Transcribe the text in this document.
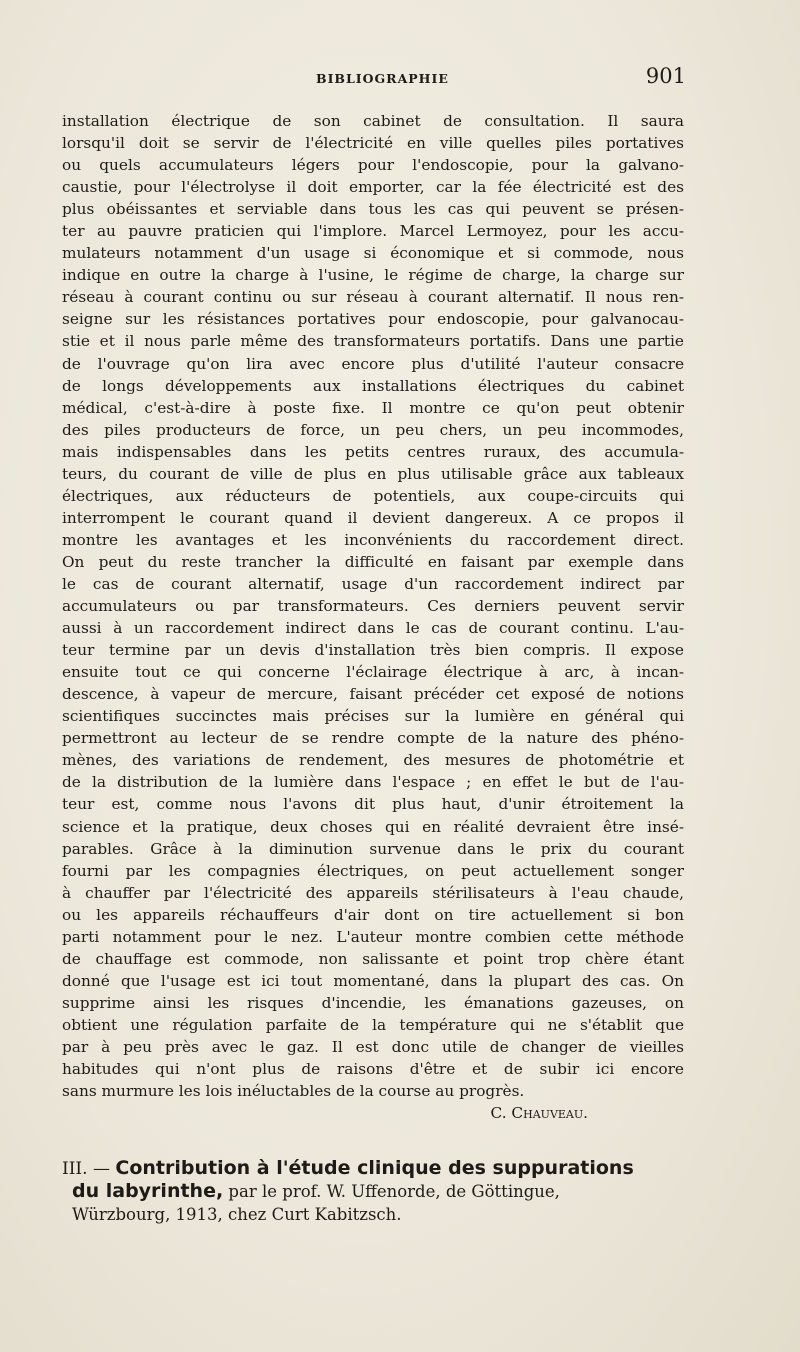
BIBLIOGRAPHIE	901
installation électrique de son cabinet de consultation. Il saura
lorsqu'il doit se servir de l'électricité en ville quelles piles portatives
ou quels accumulateurs légers pour l'endoscopie, pour la galvano-
caustie, pour l'électrolyse il doit emporter, car la fée électricité est des
plus obéissantes et serviable dans tous les cas qui peuvent se présen-
ter au pauvre praticien qui l'implore. Marcel Lermoyez, pour les accu-
mulateurs notamment d'un usage si économique et si commode, nous
indique en outre la charge à l'usine, le régime de charge, la charge sur
réseau à courant continu ou sur réseau à courant alternatif. Il nous ren-
seigne sur les résistances portatives pour endoscopie, pour galvanocau-
stie et il nous parle même des transformateurs portatifs. Dans une partie
de l'ouvrage qu'on lira avec encore plus d'utilité l'auteur consacre
de longs développements aux installations électriques du cabinet
médical, c'est-à-dire à poste fixe. Il montre ce qu'on peut obtenir
des piles producteurs de force, un peu chers, un peu incommodes,
mais indispensables dans les petits centres ruraux, des accumula-
teurs, du courant de ville de plus en plus utilisable grâce aux tableaux
électriques, aux réducteurs de potentiels, aux coupe-circuits qui
interrompent le courant quand il devient dangereux. A ce propos il
montre les avantages et les inconvénients du raccordement direct.
On peut du reste trancher la difficulté en faisant par exemple dans
le cas de courant alternatif, usage d'un raccordement indirect par
accumulateurs ou par transformateurs. Ces derniers peuvent servir
aussi à un raccordement indirect dans le cas de courant continu. L'au-
teur termine par un devis d'installation très bien compris. Il expose
ensuite tout ce qui concerne l'éclairage électrique à arc, à incan-
descence, à vapeur de mercure, faisant précéder cet exposé de notions
scientifiques succinctes mais précises sur la lumière en général qui
permettront au lecteur de se rendre compte de la nature des phéno-
mènes, des variations de rendement, des mesures de photométrie et
de la distribution de la lumière dans l'espace ; en effet le but de l'au-
teur est, comme nous l'avons dit plus haut, d'unir étroitement la
science et la pratique, deux choses qui en réalité devraient être insé-
parables. Grâce à la diminution survenue dans le prix du courant
fourni par les compagnies électriques, on peut actuellement songer
à chauffer par l'électricité des appareils stérilisateurs à l'eau chaude,
ou les appareils réchauffeurs d'air dont on tire actuellement si bon
parti notamment pour le nez. L'auteur montre combien cette méthode
de chauffage est commode, non salissante et point trop chère étant
donné que l'usage est ici tout momentané, dans la plupart des cas. On
supprime ainsi les risques d'incendie, les émanations gazeuses, on
obtient une régulation parfaite de la température qui ne s'établit que
par à peu près avec le gaz. Il est donc utile de changer de vieilles
habitudes qui n'ont plus de raisons d'être et de subir ici encore
sans murmure les lois inéluctables de la course au progrès.
C. Chauveau.
III. — Contribution à l'étude clinique des suppurations
du labyrinthe, par le prof. W. Uffenorde, de Göttingue,
Würzbourg, 1913, chez Curt Kabitzsch.
